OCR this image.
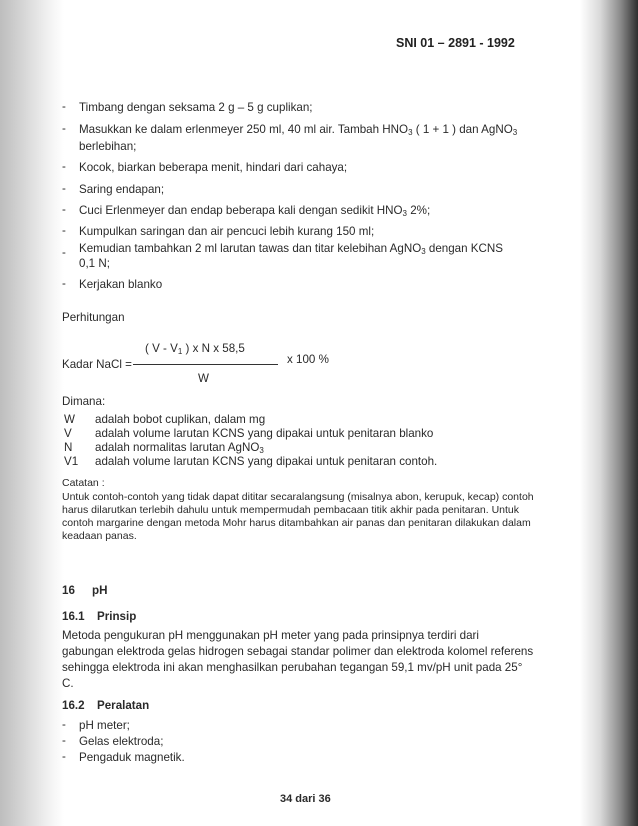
SNI 01 – 2891 - 1992
- Timbang dengan seksama 2 g – 5 g cuplikan;
- Masukkan ke dalam erlenmeyer 250 ml, 40 ml air. Tambah $HNO_3$ ( 1 + 1 ) dan AgNO$_3$
berlebihan;
- Kocok, biarkan beberapa menit, hindari dari cahaya;
- Saring endapan;
- Cuci Erlenmeyer dan endap beberapa kali dengan sedikit $HNO_3$ 2%;
- Kumpulkan saringan dan air pencuci lebih kurang 150 ml;
- Kemudian tambahkan 2 ml larutan tawas dan titar kelebihan AgNO$_3$ dengan KCNS
0,1 N;
- Kerjakan blanko
Perhitungan
( V - $V_1$ ) x N x 58,5
Kadar NaCl =	x 100 %
W
Dimana:
W adalah bobot cuplikan, dalam mg
V adalah volume larutan KCNS yang dipakai untuk penitaran blanko
N adalah normalitas larutan AgNO$_3$
V1 adalah volume larutan KCNS yang dipakai untuk penitaran contoh.
Catatan :
Untuk contoh-contoh yang tidak dapat dititar secaralangsung (misalnya abon, kerupuk, kecap) contoh
harus dilarutkan terlebih dahulu untuk mempermudah pembacaan titik akhir pada penitaran. Untuk
contoh margarine dengan metoda Mohr harus ditambahkan air panas dan penitaran dilakukan dalam
keadaan panas.
16 pH
16.1 Prinsip
Metoda pengukuran pH menggunakan pH meter yang pada prinsipnya terdiri dari
gabungan elektroda gelas hidrogen sebagai standar polimer dan elektroda kolomel referens
sehingga elektroda ini akan menghasilkan perubahan tegangan 59,1 mv/pH unit pada 25°
C.
16.2 Peralatan
- pH meter;
- Gelas elektroda;
- Pengaduk magnetik.
34 dari 36
